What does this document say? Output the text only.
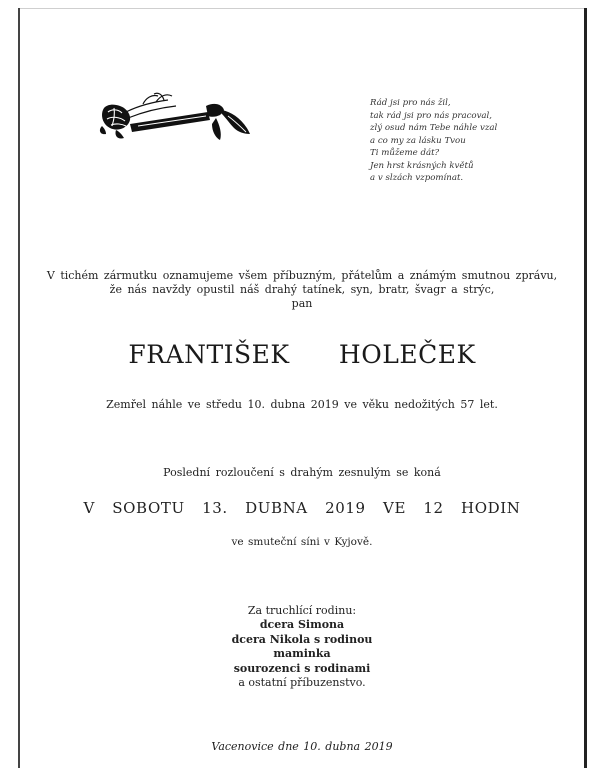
Rád jsi pro nás žil,
tak rád jsi pro nás pracoval,
zlý osud nám Tebe náhle vzal
a co my za lásku Tvou
Ti můžeme dát?
Jen hrst krásných květů
a v slzách vzpomínat.
V tichém zármutku oznamujeme všem příbuzným, přátelům a známým smutnou zprávu,
že nás navždy opustil náš drahý tatínek, syn, bratr, švagr a strýc,
pan
FRANTIŠEK   HOLEČEK
Zemřel náhle ve středu 10. dubna 2019 ve věku nedožitých 57 let.
Poslední rozloučení s drahým zesnulým se koná
V SOBOTU 13. DUBNA 2019 VE 12 HODIN
ve smuteční síni v Kyjově.
Za truchlící rodinu:
dcera Simona
dcera Nikola s rodinou
maminka
sourozenci s rodinami
a ostatní příbuzenstvo.
Vacenovice dne 10. dubna 2019
